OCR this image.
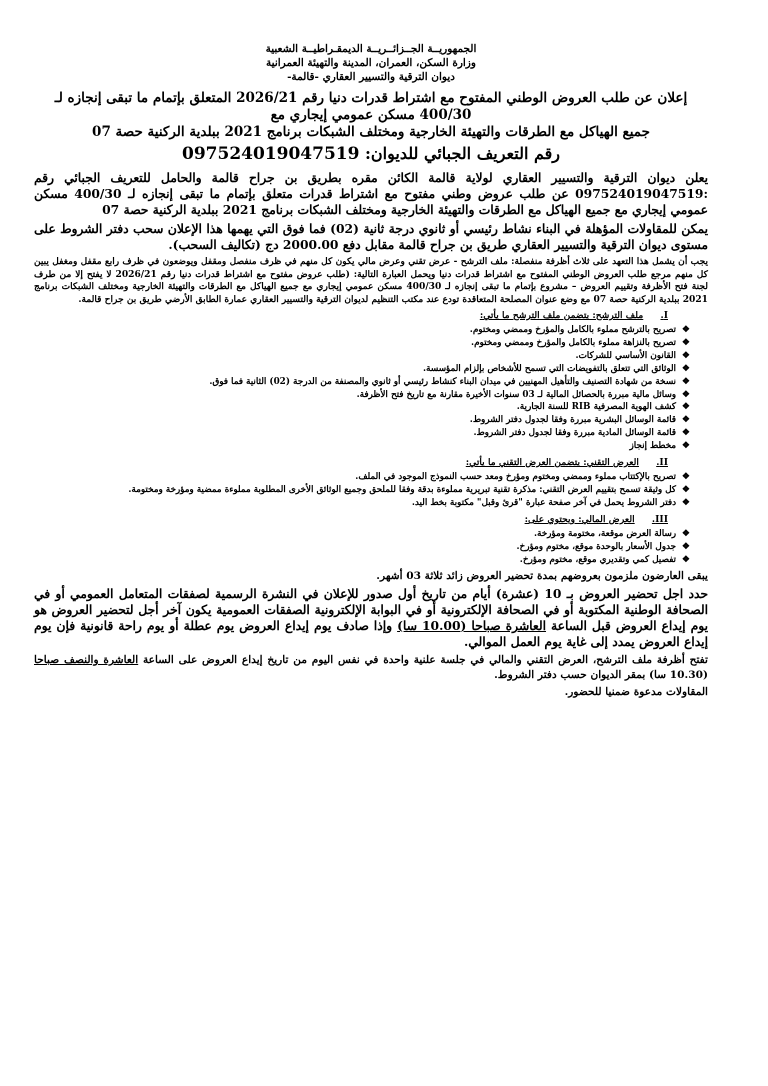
الجمهوريــة الجــزائــريــة الديمقـراطيــة الشعبية
وزارة السكن، العمران، المدينة والتهيئة العمرانية
ديوان الترقية والتسيير العقاري -قالمة-
إعلان عن طلب العروض الوطني المفتوح مع اشتراط قدرات دنيا رقم 2026/21 المتعلق بإتمام ما تبقى إنجازه لـ 400/30 مسكن عمومي إيجاري مع
جميع الهياكل مع الطرقات والتهيئة الخارجية ومختلف الشبكات برنامج 2021 ببلدية الركنية حصة 07
رقم التعريف الجبائي للديوان: 097524019047519

يعلن ديوان الترقية والتسيير العقاري لولاية قالمة الكائن مقره بطريق بن جراح قالمة والحامل للتعريف الجبائي رقم :097524019047519 عن طلب عروض وطني مفتوح مع اشتراط قدرات متعلق بإتمام ما تبقى إنجازه لـ 400/30 مسكن عمومي إيجاري مع جميع الهياكل مع الطرقات والتهيئة الخارجية ومختلف الشبكات برنامج 2021 ببلدية الركنية حصة 07

يمكن للمقاولات المؤهلة في البناء نشاط رئيسي أو ثانوي درجة ثانية (02) فما فوق التي يهمها هذا الإعلان سحب دفتر الشروط على مستوى ديوان الترقية والتسيير العقاري طريق بن جراح قالمة مقابل دفع 2000.00 دج (تكاليف السحب).

يجب أن يشمل هذا التعهد على ثلاث أظرفة منفصلة: ملف الترشح - عرض تقني وعرض مالي يكون كل منهم في ظرف منفصل ومقفل ويوضعون في ظرف رابع مقفل ومغفل يبين كل منهم مرجع طلب العروض الوطني المفتوح مع اشتراط قدرات دنيا ويحمل العبارة التالية: (طلب عروض مفتوح مع اشتراط قدرات دنيا رقم 2026/21 لا يفتح إلا من طرف لجنة فتح الأظرفة وتقييم العروض – مشروع بإتمام ما تبقى إنجازه لـ 400/30 مسكن عمومي إيجاري مع جميع الهياكل مع الطرقات والتهيئة الخارجية ومختلف الشبكات برنامج 2021 ببلدية الركنية حصة 07 مع وضع عنوان المصلحة المتعاقدة تودع عند مكتب التنظيم لديوان الترقية والتسيير العقاري عمارة الطابق الأرضي طريق بن جراح قالمة.

I. ملف الترشح: يتضمن ملف الترشح ما يأتي:
❖
تصريح بالترشح مملوء بالكامل والمؤرخ وممضي ومختوم.
❖
تصريح بالنزاهة مملوء بالكامل والمؤرخ وممضي ومختوم.
❖
القانون الأساسي للشركات.
❖
الوثائق التي تتعلق بالتفويضات التي تسمح للأشخاص بإلزام المؤسسة.
❖
نسخة من شهادة التصنيف والتأهيل المهنيين في ميدان البناء كنشاط رئيسي أو ثانوي والمصنفة من الدرجة (02) الثانية فما فوق.
❖
وسائل مالية مبررة بالحصائل المالية لـ 03 سنوات الأخيرة مقارنة مع تاريخ فتح الأظرفة.
❖
كشف الهوية المصرفية RIB للسنة الجارية.
❖
قائمة الوسائل البشرية مبررة وفقا لجدول دفتر الشروط.
❖
قائمة الوسائل المادية مبررة وفقا لجدول دفتر الشروط.
❖
مخطط إنجاز
II. العرض التقني: يتضمن العرض التقني ما يأتي:
❖
تصريح بالإكتتاب مملوء وممضي ومختوم ومؤرخ ومعد حسب النموذج الموجود في الملف.
❖
كل وثيقة تسمح بتقييم العرض التقني: مذكرة تقنية تبريرية مملوءة بدقة وفقا للملحق وجميع الوثائق الأخرى المطلوبة مملوءة ممضية ومؤرخة ومختومة.
❖
دفتر الشروط يحمل في آخر صفحة عبارة "قرئ وقبل" مكتوبة بخط اليد.
III. العرض المالي: ويحتوي على:
❖
رسالة العرض موقعة، مختومة ومؤرخة.
❖
جدول الأسعار بالوحدة موقع، مختوم ومؤرخ.
❖
تفصيل كمي وتقديري موقع، مختوم ومؤرخ.

يبقى العارضون ملزمون بعروضهم بمدة تحضير العروض زائد ثلاثة 03 أشهر.

حدد اجل تحضير العروض بـ 10 (عشرة) أيام من تاريخ أول صدور للإعلان في النشرة الرسمية لصفقات المتعامل العمومي أو في الصحافة الوطنية المكتوبة أو في الصحافة الإلكترونية أو في البوابة الإلكترونية الصفقات العمومية يكون آخر أجل لتحضير العروض هو يوم إيداع العروض قبل الساعة العاشرة صباحا (10.00 سا) وإذا صادف يوم إيداع العروض يوم عطلة أو يوم راحة قانونية فإن يوم إيداع العروض يمدد إلى غاية يوم العمل الموالي.

تفتح أظرفة ملف الترشح، العرض التقني والمالي في جلسة علنية واحدة في نفس اليوم من تاريخ إيداع العروض على الساعة العاشرة والنصف صباحا (10.30 سا) بمقر الديوان حسب دفتر الشروط.

المقاولات مدعوة ضمنيا للحضور.
